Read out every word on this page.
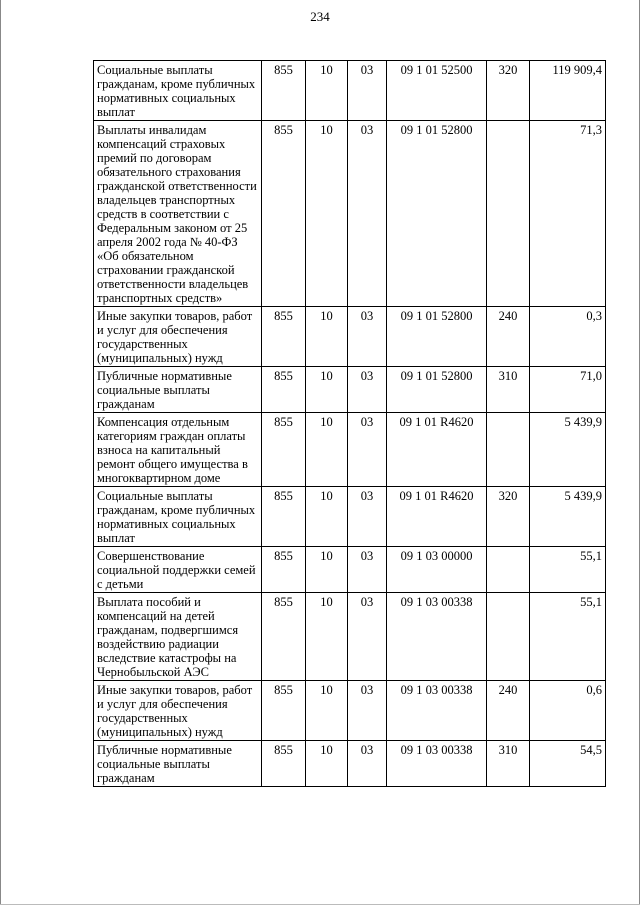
234
Социальные выплаты гражданам, кроме публичных нормативных социальных выплат	855	10	03	09 1 01 52500	320	119 909,4
Выплаты инвалидам компенсаций страховых премий по договорам обязательного страхования гражданской ответственности владельцев транспортных средств в соответствии с Федеральным законом от 25 апреля 2002 года № 40-ФЗ «Об обязательном страховании гражданской ответственности владельцев транспортных средств»	855	10	03	09 1 01 52800		71,3
Иные закупки товаров, работ и услуг для обеспечения государственных (муниципальных) нужд	855	10	03	09 1 01 52800	240	0,3
Публичные нормативные социальные выплаты гражданам	855	10	03	09 1 01 52800	310	71,0
Компенсация отдельным категориям граждан оплаты взноса на капитальный ремонт общего имущества в многоквартирном доме	855	10	03	09 1 01 R4620		5 439,9
Социальные выплаты гражданам, кроме публичных нормативных социальных выплат	855	10	03	09 1 01 R4620	320	5 439,9
Совершенствование социальной поддержки семей с детьми	855	10	03	09 1 03 00000		55,1
Выплата пособий и компенсаций на детей гражданам, подвергшимся воздействию радиации вследствие катастрофы на Чернобыльской АЭС	855	10	03	09 1 03 00338		55,1
Иные закупки товаров, работ и услуг для обеспечения государственных (муниципальных) нужд	855	10	03	09 1 03 00338	240	0,6
Публичные нормативные социальные выплаты гражданам	855	10	03	09 1 03 00338	310	54,5
